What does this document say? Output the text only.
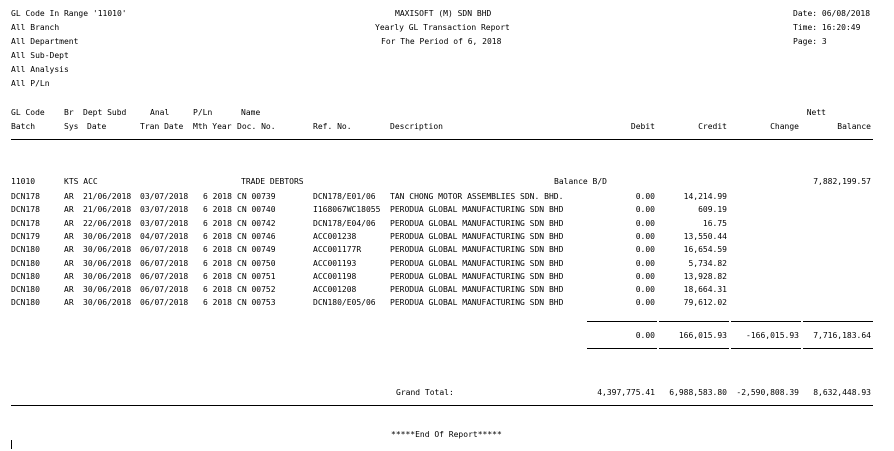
GL Code In Range '11010'
All Branch
All Department
All Sub-Dept
All Analysis
All P/Ln
MAXISOFT (M) SDN BHD
Yearly GL Transaction Report
For The Period of 6, 2018
Date: 06/08/2018
Time: 16:20:49
Page: 3
GL Code Br Dept Subd	Anal	P/Ln	Name	Nett
Batch	Sys Date	Tran Date Mth Year Doc. No.	Ref. No.	Description	Debit	Credit	Change	Balance
11010	KTS ACC	TRADE DEBTORS	Balance B/D	7,882,199.57
DCN178	AR 21/06/2018 03/07/2018 6 2018 CN 00739	DCN178/E01/06 TAN CHONG MOTOR ASSEMBLIES SDN. BHD.	0.00	14,214.99
DCN178	AR 21/06/2018 03/07/2018 6 2018 CN 00740	I168067WC18055 PERODUA GLOBAL MANUFACTURING SDN BHD	0.00	609.19
DCN178	AR 22/06/2018 03/07/2018 6 2018 CN 00742	DCN178/E04/06 PERODUA GLOBAL MANUFACTURING SDN BHD	0.00	16.75
DCN179	AR 30/06/2018 04/07/2018 6 2018 CN 00746	ACC001238	PERODUA GLOBAL MANUFACTURING SDN BHD	0.00	13,550.44
DCN180	AR 30/06/2018 06/07/2018 6 2018 CN 00749	ACC001177R	PERODUA GLOBAL MANUFACTURING SDN BHD	0.00	16,654.59
DCN180	AR 30/06/2018 06/07/2018 6 2018 CN 00750	ACC001193	PERODUA GLOBAL MANUFACTURING SDN BHD	0.00	5,734.82
DCN180	AR 30/06/2018 06/07/2018 6 2018 CN 00751	ACC001198	PERODUA GLOBAL MANUFACTURING SDN BHD	0.00	13,928.82
DCN180	AR 30/06/2018 06/07/2018 6 2018 CN 00752	ACC001208	PERODUA GLOBAL MANUFACTURING SDN BHD	0.00	18,664.31
DCN180	AR 30/06/2018 06/07/2018 6 2018 CN 00753	DCN180/E05/06 PERODUA GLOBAL MANUFACTURING SDN BHD	0.00	79,612.02
0.00	166,015.93 -166,015.93 7,716,183.64
Grand Total:	4,397,775.41 6,988,583.80 -2,590,808.39 8,632,448.93
*****End Of Report*****
